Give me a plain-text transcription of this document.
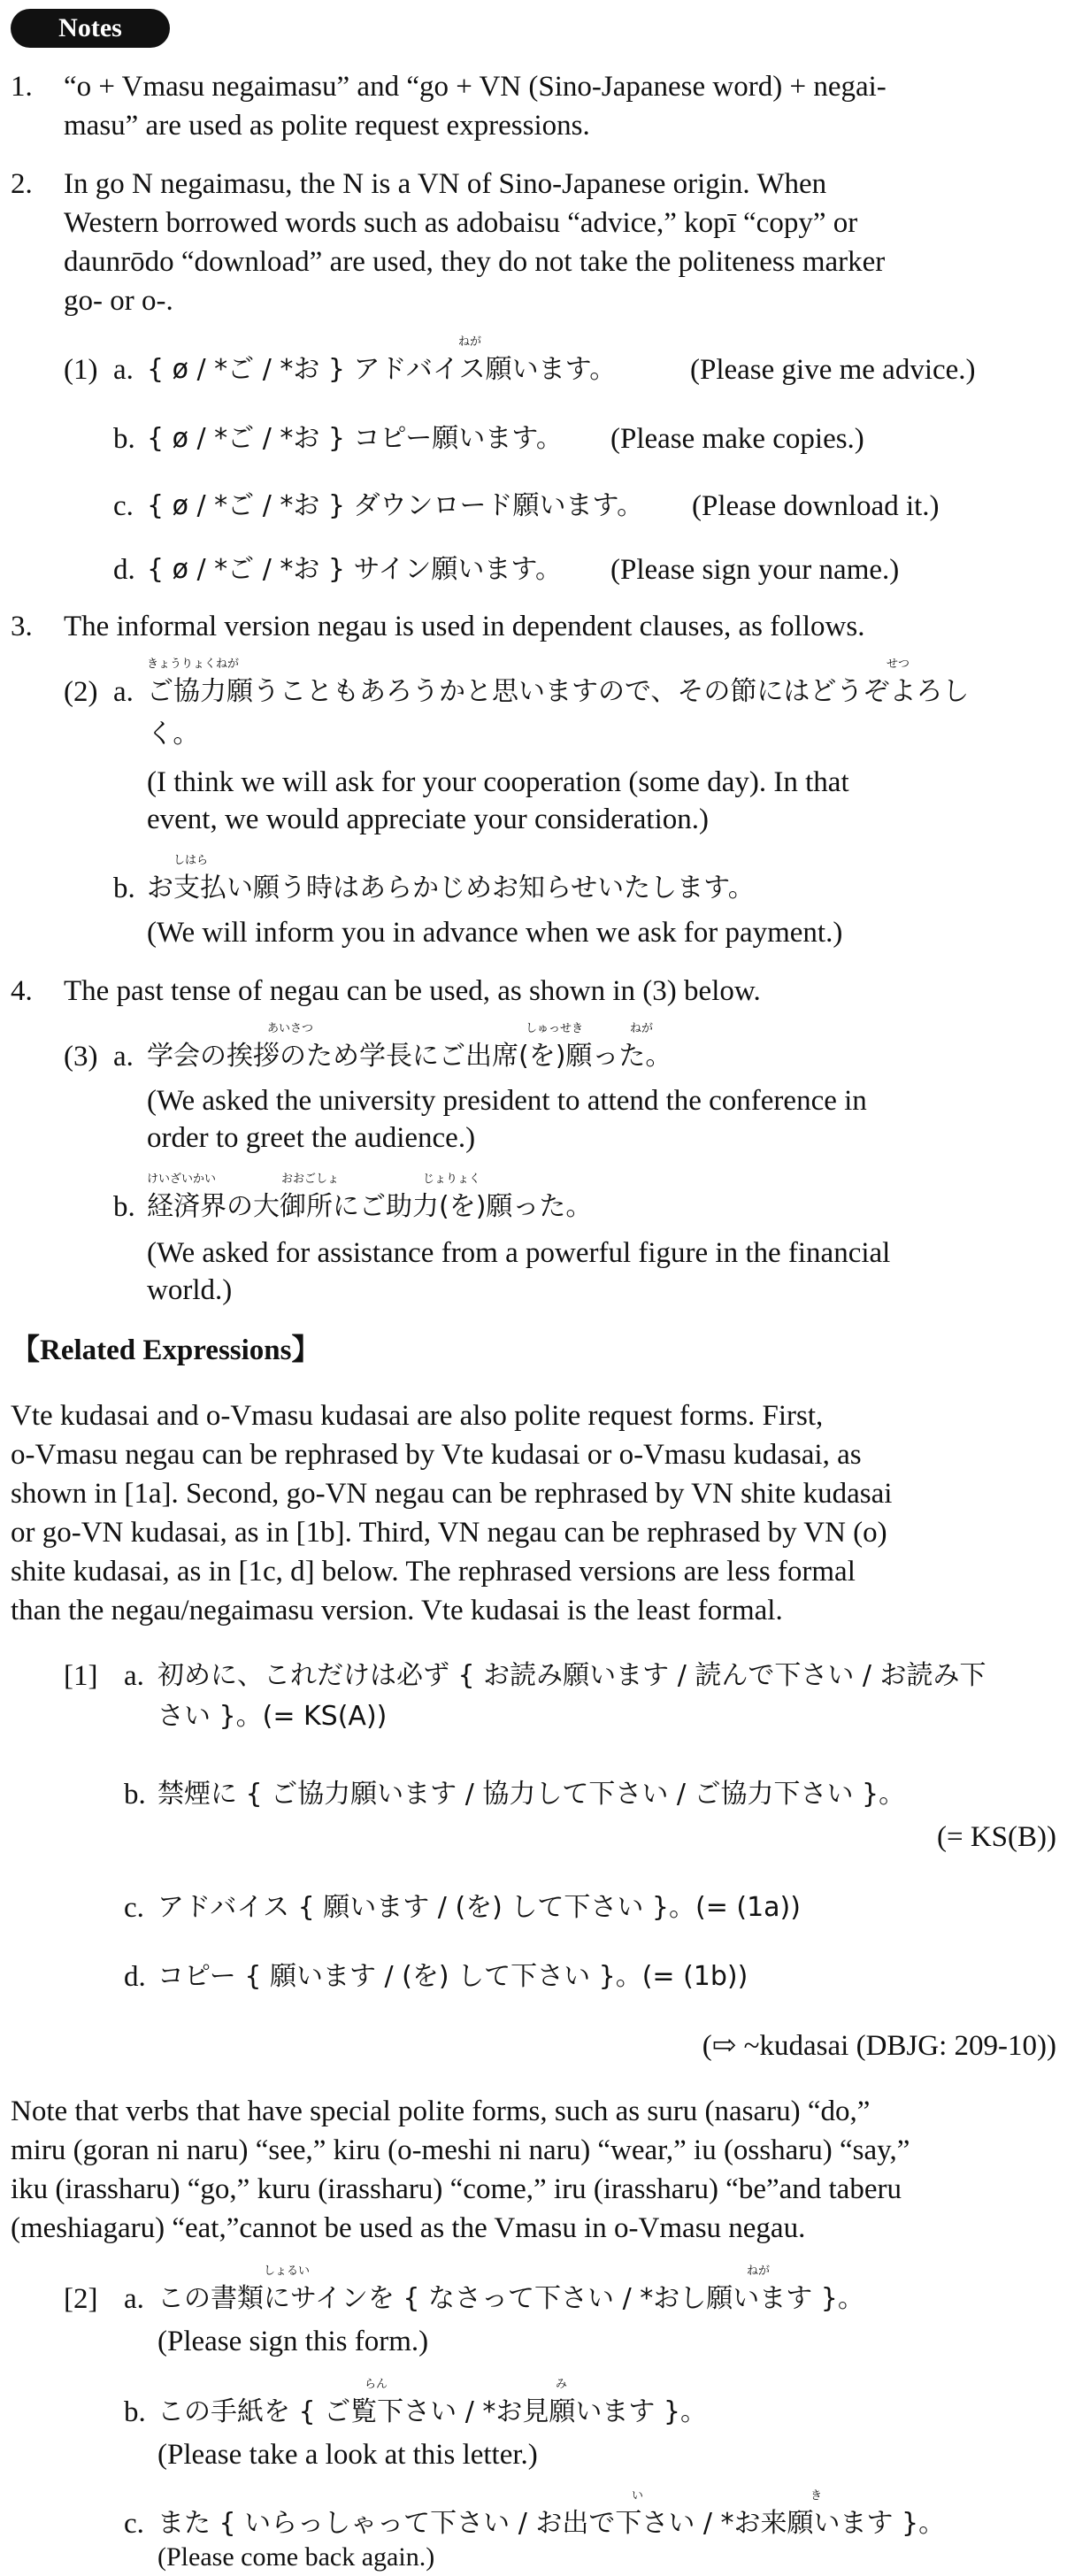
Notes
1. “o + Vmasu negaimasu” and “go + VN (Sino-Japanese word) + negai-
masu” are used as polite request expressions.
2. In go N negaimasu, the N is a VN of Sino-Japanese origin. When
Western borrowed words such as adobaisu “advice,” kopī “copy” or
daunrōdo “download” are used, they do not take the politeness marker
go- or o-.
(1) a. { ø / *ご / *お } アドバイス願います。
ねが
(Please give me advice.)
b. { ø / *ご / *お } コピー願います。 (Please make copies.)
c. { ø / *ご / *お } ダウンロード願います。 (Please download it.)
d. { ø / *ご / *お } サイン願います。 (Please sign your name.)
3. The informal version negau is used in dependent clauses, as follows.
(2) a.
きょうりょくねが	せつ
ご協力願うこともあろうかと思いますので、その節にはどうぞよろし
く。
(I think we will ask for your cooperation (some day). In that
event, we would appreciate your consideration.)
b.
しはら
お支払い願う時はあらかじめお知らせいたします。
(We will inform you in advance when we ask for payment.)
4. The past tense of negau can be used, as shown in (3) below.
(3) a.
あいさつ	しゅっせき	ねが
学会の挨拶のため学長にご出席(を)願った。
(We asked the university president to attend the conference in
order to greet the audience.)
b.
けいざいかい	おおごしょ	じょりょく
経済界の大御所にご助力(を)願った。
(We asked for assistance from a powerful figure in the financial
world.)
【Related Expressions】
Vte kudasai and o-Vmasu kudasai are also polite request forms. First,
o-Vmasu negau can be rephrased by Vte kudasai or o-Vmasu kudasai, as
shown in [1a]. Second, go-VN negau can be rephrased by VN shite kudasai
or go-VN kudasai, as in [1b]. Third, VN negau can be rephrased by VN (o)
shite kudasai, as in [1c, d] below. The rephrased versions are less formal
than the negau/negaimasu version. Vte kudasai is the least formal.
[1] a. 初めに、これだけは必ず { お読み願います / 読んで下さい / お読み下
さい }。(= KS(A))
b. 禁煙に { ご協力願います / 協力して下さい / ご協力下さい }。
(= KS(B))
c. アドバイス { 願います / (を) して下さい }。(= (1a))
d. コピー { 願います / (を) して下さい }。(= (1b))
(⇨ ~kudasai (DBJG: 209-10))
Note that verbs that have special polite forms, such as suru (nasaru) “do,”
miru (goran ni naru) “see,” kiru (o-meshi ni naru) “wear,” iu (ossharu) “say,”
iku (irassharu) “go,” kuru (irassharu) “come,” iru (irassharu) “be”and taberu
(meshiagaru) “eat,”cannot be used as the Vmasu in o-Vmasu negau.
[2] a.
しょるい	ねが
この書類にサインを { なさって下さい / *おし願います }。
(Please sign this form.)
b.
らん	み
この手紙を { ご覧下さい / *お見願います }。
(Please take a look at this letter.)
c.
い	き
また { いらっしゃって下さい / お出で下さい / *お来願います }。
(Please come back again.)
